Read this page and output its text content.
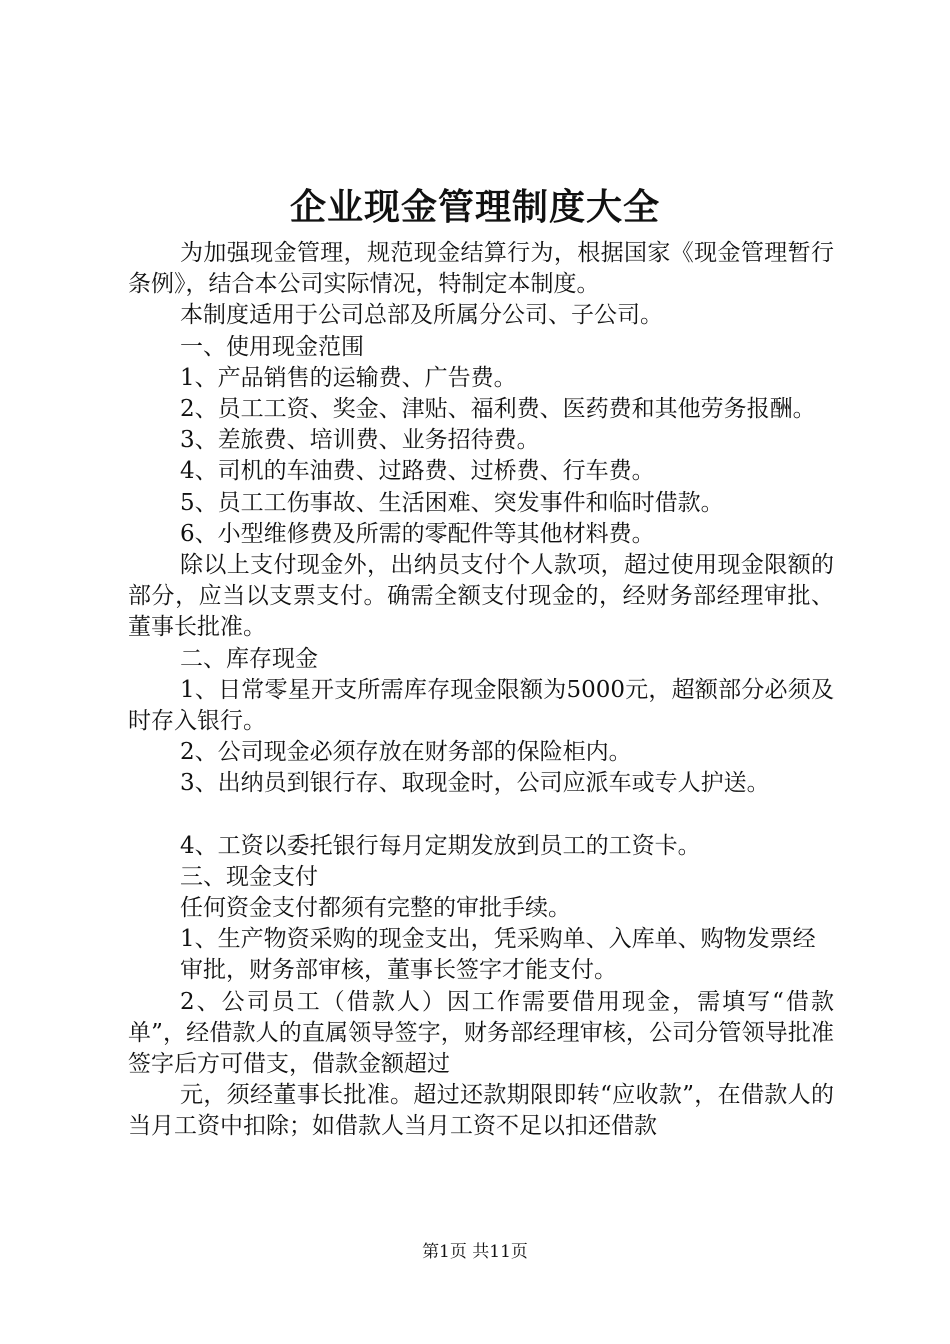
企业现金管理制度大全

为加强现金管理，规范现金结算行为，根据国家《现金管理暂行条例》，结合本公司实际情况，特制定本制度。

本制度适用于公司总部及所属分公司、子公司。

一、使用现金范围

1、产品销售的运输费、广告费。

2、员工工资、奖金、津贴、福利费、医药费和其他劳务报酬。

3、差旅费、培训费、业务招待费。

4、司机的车油费、过路费、过桥费、行车费。

5、员工工伤事故、生活困难、突发事件和临时借款。

6、小型维修费及所需的零配件等其他材料费。

除以上支付现金外，出纳员支付个人款项，超过使用现金限额的部分，应当以支票支付。确需全额支付现金的，经财务部经理审批、董事长批准。

二、库存现金

1、日常零星开支所需库存现金限额为5000元，超额部分必须及时存入银行。

2、公司现金必须存放在财务部的保险柜内。

3、出纳员到银行存、取现金时，公司应派车或专人护送。

4、工资以委托银行每月定期发放到员工的工资卡。

三、现金支付

任何资金支付都须有完整的审批手续。

1、生产物资采购的现金支出，凭采购单、入库单、购物发票经

审批，财务部审核，董事长签字才能支付。

2、公司员工（借款人）因工作需要借用现金，需填写“借款单”，经借款人的直属领导签字，财务部经理审核，公司分管领导批准签字后方可借支，借款金额超过

元，须经董事长批准。超过还款期限即转“应收款”，在借款人的当月工资中扣除；如借款人当月工资不足以扣还借款

第1页 共11页
